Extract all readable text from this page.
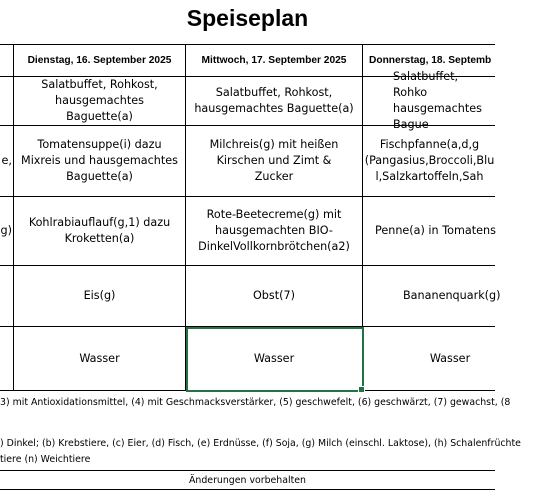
Speiseplan
Dienstag, 16. September 2025	Mittwoch, 17. September 2025 Donnerstag, 18. Septemb
e,
g)
Salatbuffet, Rohkost, hausgemachtes Baguette(a)
Tomatensuppe(i) dazu Mixreis und hausgemachtes Baguette(a)
Kohlrabiauflauf(g,1) dazu Kroketten(a)
Eis(g)
Wasser
Salatbuffet, Rohkost, hausgemachtes Baguette(a)
Milchreis(g) mit heißen Kirschen und Zimt & Zucker
Rote-Beetecreme(g) mit hausgemachten BIO-DinkelVollkornbrötchen(a2)
Obst(7)
Wasser
Salatbuffet, Rohko hausgemachtes Bague
Fischpfanne(a,d,g (Pangasius,Broccoli,Blu l,Salzkartoffeln,Sah
Penne(a) in Tomatens
Bananenquark(g)
Wasser
3) mit Antioxidationsmittel, (4) mit Geschmacksverstärker, (5) geschwefelt, (6) geschwärzt, (7) gewachst, (8
) Dinkel; (b) Krebstiere, (c) Eier, (d) Fisch, (e) Erdnüsse, (f) Soja, (g) Milch (einschl. Laktose), (h) Schalenfrüchte
tiere (n) Weichtiere
Änderungen vorbehalten
